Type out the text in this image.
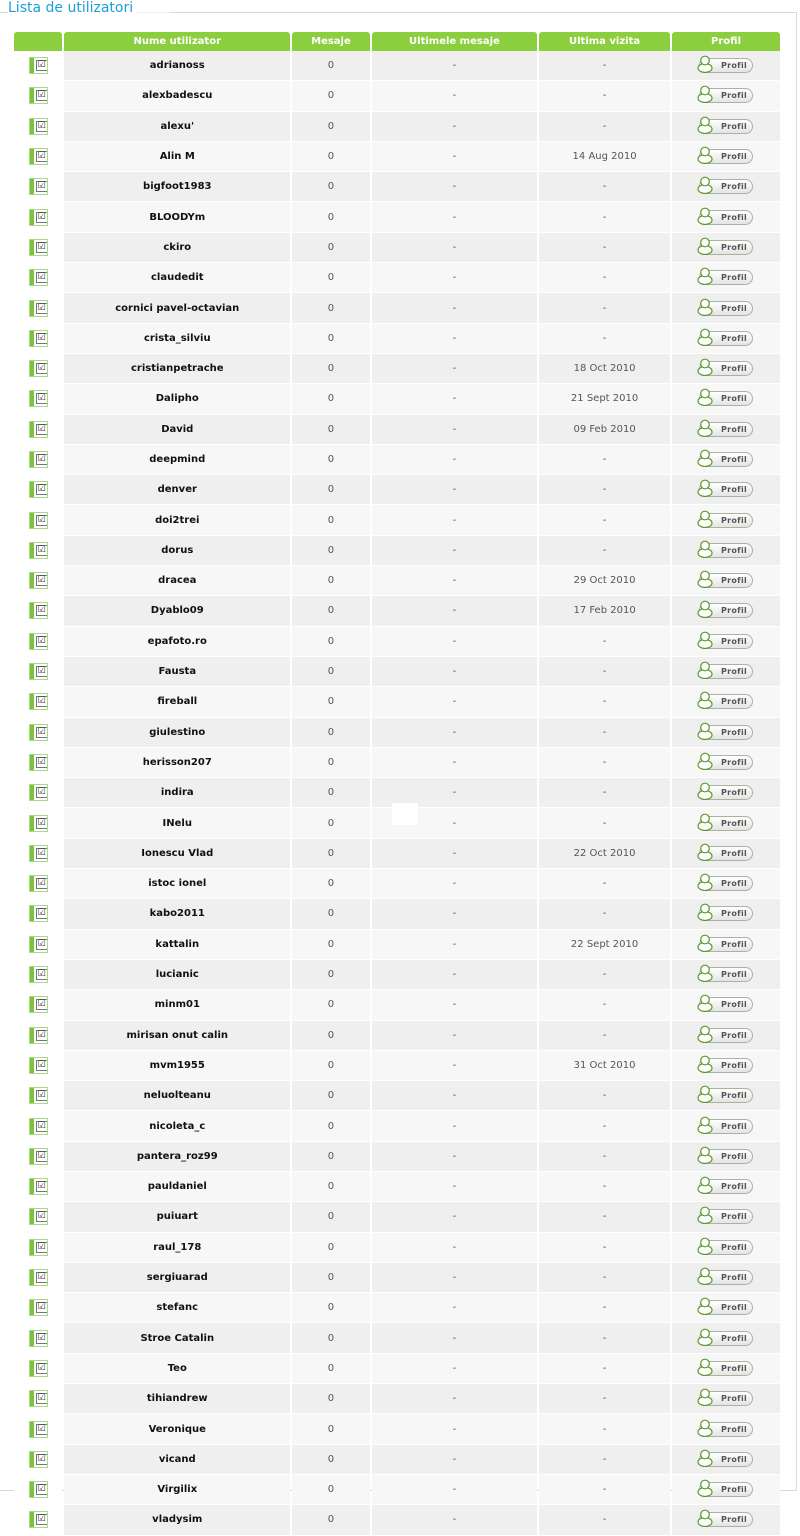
Lista de utilizatori
	Nume utilizator	Mesaje	Ultimele mesaje	Ultima vizita	Profil

☑	adrianoss	0	-	-	Profil

☑	alexbadescu	0	-	-	Profil

☑	alexu'	0	-	-	Profil

☑	Alin M	0	-	14 Aug 2010	Profil

☑	bigfoot1983	0	-	-	Profil

☑	BLOODYm	0	-	-	Profil

☑	ckiro	0	-	-	Profil

☑	claudedit	0	-	-	Profil

☑	cornici pavel-octavian	0	-	-	Profil

☑	crista_silviu	0	-	-	Profil

☑	cristianpetrache	0	-	18 Oct 2010	Profil

☑	Dalipho	0	-	21 Sept 2010	Profil

☑	David	0	-	09 Feb 2010	Profil

☑	deepmind	0	-	-	Profil

☑	denver	0	-	-	Profil

☑	doi2trei	0	-	-	Profil

☑	dorus	0	-	-	Profil

☑	dracea	0	-	29 Oct 2010	Profil

☑	Dyablo09	0	-	17 Feb 2010	Profil

☑	epafoto.ro	0	-	-	Profil

☑	Fausta	0	-	-	Profil

☑	fireball	0	-	-	Profil

☑	giulestino	0	-	-	Profil

☑	herisson207	0	-	-	Profil

☑	indira	0	-	-	Profil

☑	INelu	0	-	-	Profil

☑	Ionescu Vlad	0	-	22 Oct 2010	Profil

☑	istoc ionel	0	-	-	Profil

☑	kabo2011	0	-	-	Profil

☑	kattalin	0	-	22 Sept 2010	Profil

☑	lucianic	0	-	-	Profil

☑	minm01	0	-	-	Profil

☑	mirisan onut calin	0	-	-	Profil

☑	mvm1955	0	-	31 Oct 2010	Profil

☑	neluolteanu	0	-	-	Profil

☑	nicoleta_c	0	-	-	Profil

☑	pantera_roz99	0	-	-	Profil

☑	pauldaniel	0	-	-	Profil

☑	puiuart	0	-	-	Profil

☑	raul_178	0	-	-	Profil

☑	sergiuarad	0	-	-	Profil

☑	stefanc	0	-	-	Profil

☑	Stroe Catalin	0	-	-	Profil

☑	Teo	0	-	-	Profil

☑	tihiandrew	0	-	-	Profil

☑	Veronique	0	-	-	Profil

☑	vicand	0	-	-	Profil

☑	Virgilix	0	-	-	Profil

☑	vladysim	0	-	-	Profil
